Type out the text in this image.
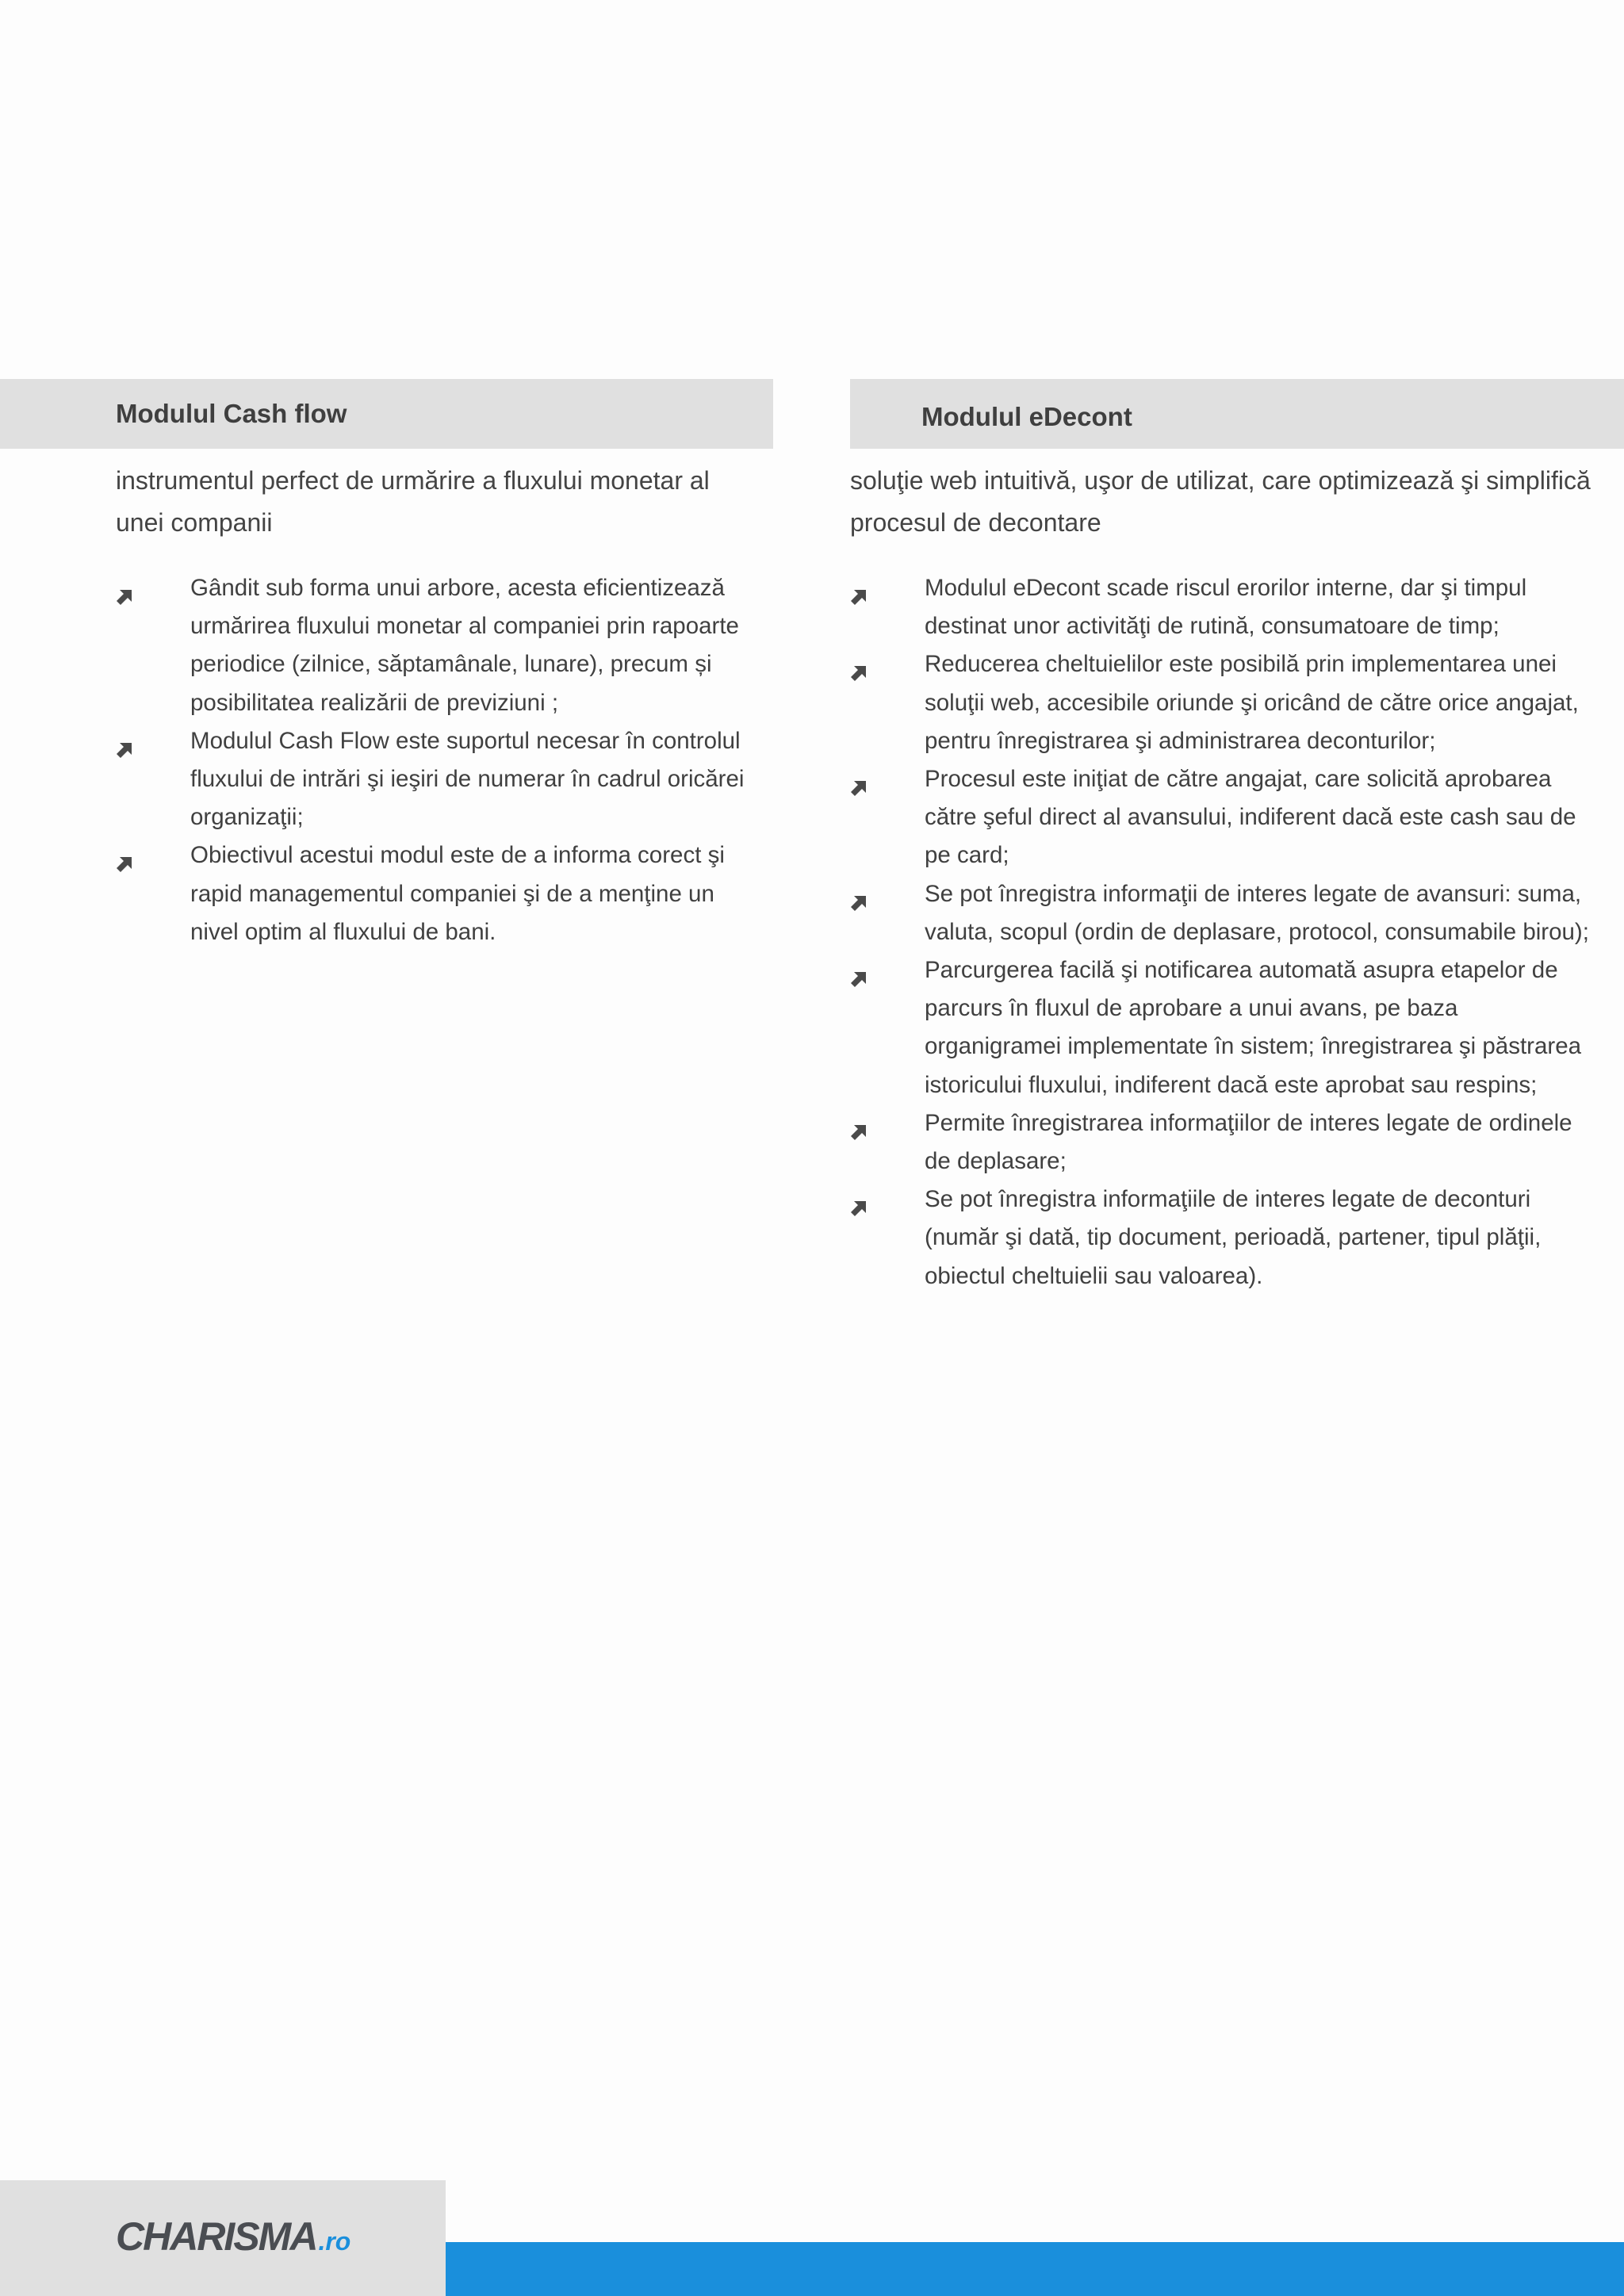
Modulul Cash flow

instrumentul perfect de urmărire a fluxului monetar al unei companii

Gândit sub forma unui arbore, acesta eficientizează urmărirea fluxului monetar al companiei prin rapoarte periodice (zilnice, săptamânale, lunare), precum și posibilitatea realizării de previziuni ;
Modulul Cash Flow este suportul necesar în controlul fluxului de intrări şi ieşiri de numerar în cadrul oricărei organizaţii;
Obiectivul acestui modul este de a informa corect şi rapid managementul companiei şi de a menţine un nivel optim al fluxului de bani.
Modulul eDecont

soluţie web intuitivă, uşor de utilizat, care optimizează şi simplifică procesul de decontare

Modulul eDecont scade riscul erorilor interne, dar şi timpul destinat unor activităţi de rutină, consumatoare de timp;
Reducerea cheltuielilor este posibilă prin implementarea unei soluţii web, accesibile oriunde şi oricând de către orice angajat, pentru înregistrarea şi administrarea deconturilor;
Procesul este iniţiat de către angajat, care solicită aprobarea către şeful direct al avansului, indiferent dacă este cash sau de pe card;
Se pot înregistra informaţii de interes legate de avansuri: suma, valuta, scopul (ordin de deplasare, protocol, consumabile birou);
Parcurgerea facilă şi notificarea automată asupra etapelor de parcurs în fluxul de aprobare a unui avans, pe baza organigramei implementate în sistem; înregistrarea şi păstrarea istoricului fluxului, indiferent dacă este aprobat sau respins;
Permite înregistrarea informaţiilor de interes legate de ordinele de deplasare;
Se pot înregistra informaţiile de interes legate de deconturi (număr şi dată, tip document, perioadă, partener, tipul plăţii, obiectul cheltuielii sau valoarea).
CHARISMA .ro
